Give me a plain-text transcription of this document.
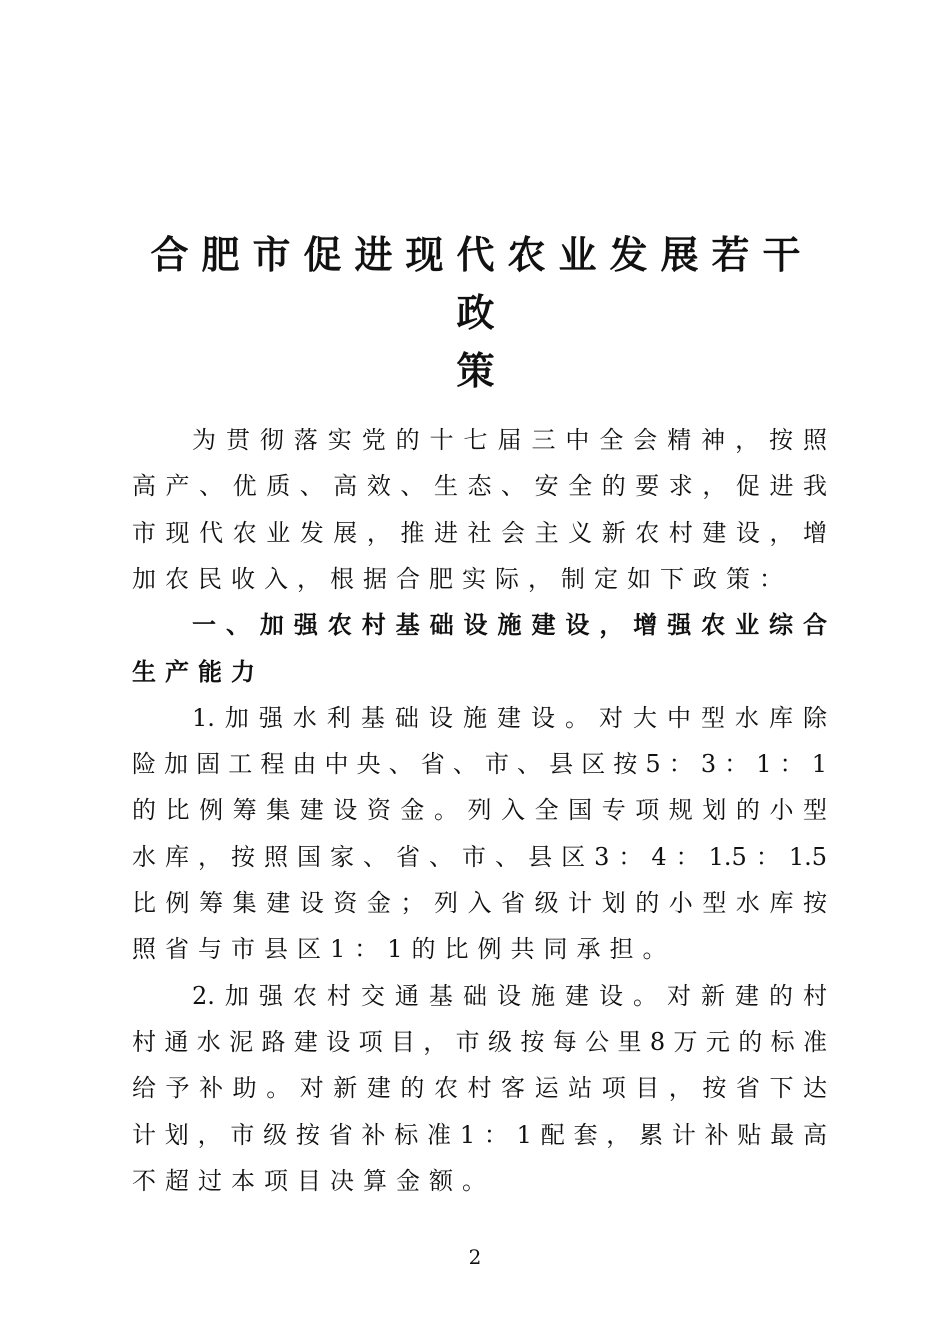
合肥市促进现代农业发展若干政
策
为贯彻落实党的十七届三中全会精神，按照
高产、优质、高效、生态、安全的要求，促进我
市现代农业发展，推进社会主义新农村建设，增
加农民收入，根据合肥实际，制定如下政策：
一、加强农村基础设施建设，增强农业综合
生产能力
1.加强水利基础设施建设。对大中型水库除
险加固工程由中央、省、市、县区按5：3：1：1
的比例筹集建设资金。列入全国专项规划的小型
水库，按照国家、省、市、县区3：4：1.5：1.5
比例筹集建设资金；列入省级计划的小型水库按
照省与市县区1：1的比例共同承担。
2.加强农村交通基础设施建设。对新建的村
村通水泥路建设项目，市级按每公里8万元的标准
给予补助。对新建的农村客运站项目，按省下达
计划，市级按省补标准1：1配套，累计补贴最高
不超过本项目决算金额。
2
